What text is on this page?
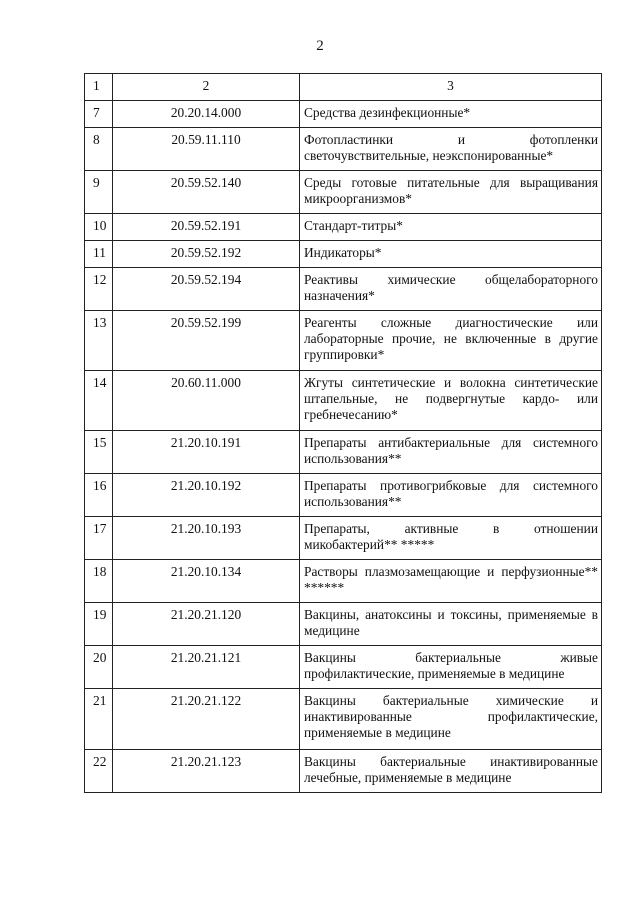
2
1	2	3
7	20.20.14.000	Средства дезинфекционные*
8	20.59.11.110	Фотопластинки и фотопленки светочувствительные, неэкспонированные*
9	20.59.52.140	Среды готовые питательные для выращивания микроорганизмов*
10	20.59.52.191	Стандарт-титры*
11	20.59.52.192	Индикаторы*
12	20.59.52.194	Реактивы химические общелабораторного назначения*
13	20.59.52.199	Реагенты сложные диагностические или лабораторные прочие, не включенные в другие группировки*
14	20.60.11.000	Жгуты синтетические и волокна синтетические штапельные, не подвергнутые кардо- или гребнечесанию*
15	21.20.10.191	Препараты антибактериальные для системного использования**
16	21.20.10.192	Препараты противогрибковые для системного использования**
17	21.20.10.193	Препараты, активные в отношении микобактерий** *****
18	21.20.10.134	Растворы плазмозамещающие и перфузионные** ******
19	21.20.21.120	Вакцины, анатоксины и токсины, применяемые в медицине
20	21.20.21.121	Вакцины бактериальные живые профилактические, применяемые в медицине
21	21.20.21.122	Вакцины бактериальные химические и инактивированные профилактические, применяемые в медицине
22	21.20.21.123	Вакцины бактериальные инактивированные лечебные, применяемые в медицине
